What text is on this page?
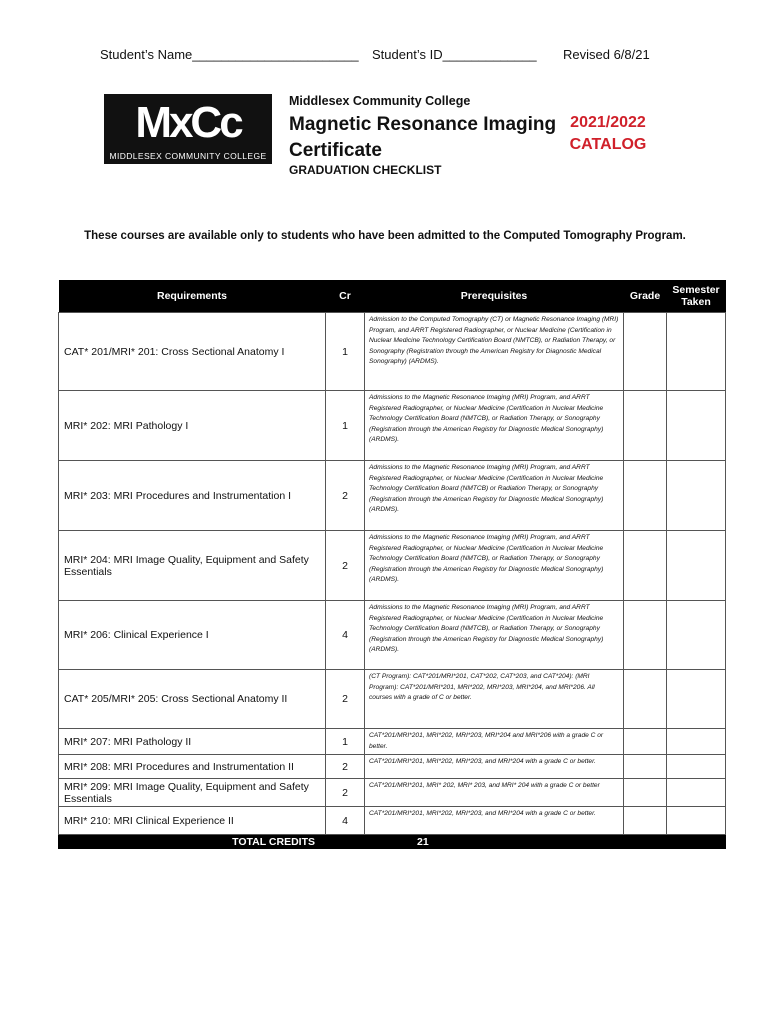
Student’s Name_______________________ Student’s ID_____________ Revised 6/8/21
MxCc
MIDDLESEX COMMUNITY COLLEGE
Middlesex Community College
Magnetic Resonance Imaging Certificate
2021/2022
CATALOG
GRADUATION CHECKLIST
These courses are available only to students who have been admitted to the Computed Tomography Program.
Requirements	Cr	Prerequisites	Grade	Semester Taken
CAT* 201/MRI* 201: Cross Sectional Anatomy I	1	Admission to the Computed Tomography (CT) or Magnetic Resonance Imaging (MRI) Program, and ARRT Registered Radiographer, or Nuclear Medicine (Certification in Nuclear Medicine Technology Certification Board (NMTCB), or Radiation Therapy, or Sonography (Registration through the American Registry for Diagnostic Medical Sonography) (ARDMS).		
MRI* 202: MRI Pathology I	1	Admissions to the Magnetic Resonance Imaging (MRI) Program, and ARRT Registered Radiographer, or Nuclear Medicine (Certification in Nuclear Medicine Technology Certification Board (NMTCB), or Radiation Therapy, or Sonography (Registration through the American Registry for Diagnostic Medical Sonography) (ARDMS).		
MRI* 203: MRI Procedures and Instrumentation I	2	Admissions to the Magnetic Resonance Imaging (MRI) Program, and ARRT Registered Radiographer, or Nuclear Medicine (Certification in Nuclear Medicine Technology Certification Board (NMTCB) or Radiation Therapy, or Sonography (Registration through the American Registry for Diagnostic Medical Sonography) (ARDMS).		
MRI* 204: MRI Image Quality, Equipment and Safety Essentials	2	Admissions to the Magnetic Resonance Imaging (MRI) Program, and ARRT Registered Radiographer, or Nuclear Medicine (Certification in Nuclear Medicine Technology Certification Board (NMTCB), or Radiation Therapy, or Sonography (Registration through the American Registry for Diagnostic Medical Sonography) (ARDMS).		
MRI* 206: Clinical Experience I	4	Admissions to the Magnetic Resonance Imaging (MRI) Program, and ARRT Registered Radiographer, or Nuclear Medicine (Certification in Nuclear Medicine Technology Certification Board (NMTCB), or Radiation Therapy, or Sonography (Registration through the American Registry for Diagnostic Medical Sonography) (ARDMS).		
CAT* 205/MRI* 205: Cross Sectional Anatomy II	2	(CT Program): CAT*201/MRI*201, CAT*202, CAT*203, and CAT*204): (MRI Program): CAT*201/MRI*201, MRI*202, MRI*203, MRI*204, and MRI*206. All courses with a grade of C or better.		
MRI* 207: MRI Pathology II	1	CAT*201/MRI*201, MRI*202, MRI*203, MRI*204 and MRI*206 with a grade C or better.		
MRI* 208: MRI Procedures and Instrumentation II	2	CAT*201/MRI*201, MRI*202, MRI*203, and MRI*204 with a grade C or better.		
MRI* 209: MRI Image Quality, Equipment and Safety Essentials	2	CAT*201/MRI*201, MRI* 202, MRI* 203, and MRI* 204 with a grade C or better		
MRI* 210: MRI Clinical Experience II	4	CAT*201/MRI*201, MRI*202, MRI*203, and MRI*204 with a grade C or better.		
TOTAL CREDITS		21		
